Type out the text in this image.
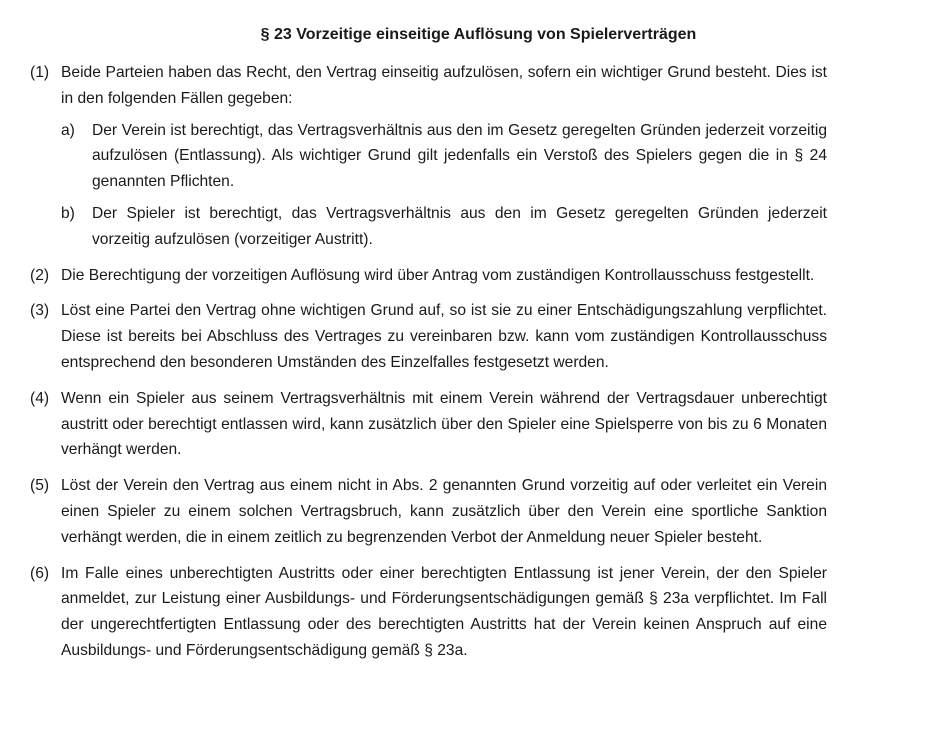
§ 23 Vorzeitige einseitige Auflösung von Spielerverträgen
(1) Beide Parteien haben das Recht, den Vertrag einseitig aufzulösen, sofern ein wichtiger Grund besteht. Dies ist in den folgenden Fällen gegeben:
a) Der Verein ist berechtigt, das Vertragsverhältnis aus den im Gesetz geregelten Gründen jederzeit vorzeitig aufzulösen (Entlassung). Als wichtiger Grund gilt jedenfalls ein Verstoß des Spielers gegen die in § 24 genannten Pflichten.
b) Der Spieler ist berechtigt, das Vertragsverhältnis aus den im Gesetz geregelten Gründen jederzeit vorzeitig aufzulösen (vorzeitiger Austritt).
(2) Die Berechtigung der vorzeitigen Auflösung wird über Antrag vom zuständigen Kontrollausschuss festgestellt.
(3) Löst eine Partei den Vertrag ohne wichtigen Grund auf, so ist sie zu einer Entschädigungszahlung verpflichtet. Diese ist bereits bei Abschluss des Vertrages zu vereinbaren bzw. kann vom zuständigen Kontrollausschuss entsprechend den besonderen Umständen des Einzelfalles festgesetzt werden.
(4) Wenn ein Spieler aus seinem Vertragsverhältnis mit einem Verein während der Vertragsdauer unberechtigt austritt oder berechtigt entlassen wird, kann zusätzlich über den Spieler eine Spielsperre von bis zu 6 Monaten verhängt werden.
(5) Löst der Verein den Vertrag aus einem nicht in Abs. 2 genannten Grund vorzeitig auf oder verleitet ein Verein einen Spieler zu einem solchen Vertragsbruch, kann zusätzlich über den Verein eine sportliche Sanktion verhängt werden, die in einem zeitlich zu begrenzenden Verbot der Anmeldung neuer Spieler besteht.
(6) Im Falle eines unberechtigten Austritts oder einer berechtigten Entlassung ist jener Verein, der den Spieler anmeldet, zur Leistung einer Ausbildungs- und Förderungsentschädigungen gemäß § 23a verpflichtet. Im Fall der ungerechtfertigten Entlassung oder des berechtigten Austritts hat der Verein keinen Anspruch auf eine Ausbildungs- und Förderungsentschädigung gemäß § 23a.
